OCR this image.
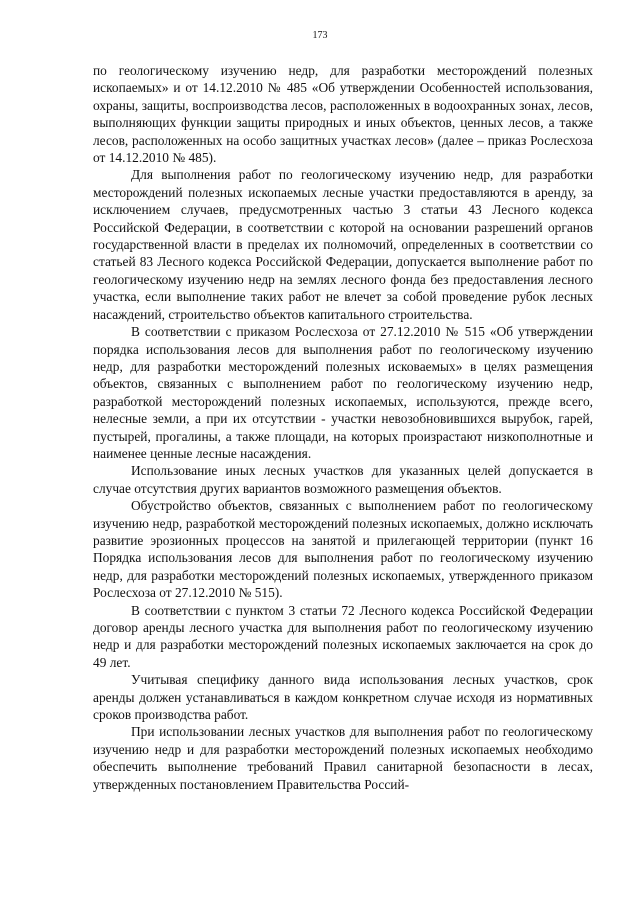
173

по геологическому изучению недр, для разработки месторождений полезных ископаемых» и от 14.12.2010 № 485 «Об утверждении Особенностей использования, охраны, защиты, воспроизводства лесов, расположенных в водоохранных зонах, лесов, выполняющих функции защиты природных и иных объектов, ценных лесов, а также лесов, расположенных на особо защитных участках лесов» (далее – приказ Рослесхоза от 14.12.2010 № 485).

Для выполнения работ по геологическому изучению недр, для разработки месторождений полезных ископаемых лесные участки предоставляются в аренду, за исключением случаев, предусмотренных частью 3 статьи 43 Лесного кодекса Российской Федерации, в соответствии с которой на основании разрешений органов государственной власти в пределах их полномочий, определенных в соответствии со статьей 83 Лесного кодекса Российской Федерации, допускается выполнение работ по геологическому изучению недр на землях лесного фонда без предоставления лесного участка, если выполнение таких работ не влечет за собой проведение рубок лесных насаждений, строительство объектов капитального строительства.

В соответствии с приказом Рослесхоза от 27.12.2010 № 515 «Об утверждении порядка использования лесов для выполнения работ по геологическому изучению недр, для разработки месторождений полезных исковаемых» в целях размещения объектов, связанных с выполнением работ по геологическому изучению недр, разработкой месторождений полезных ископаемых, используются, прежде всего, нелесные земли, а при их отсутствии - участки невозобновившихся вырубок, гарей, пустырей, прогалины, а также площади, на которых произрастают низкополнотные и наименее ценные лесные насаждения.

Использование иных лесных участков для указанных целей допускается в случае отсутствия других вариантов возможного размещения объектов.

Обустройство объектов, связанных с выполнением работ по геологическому изучению недр, разработкой месторождений полезных ископаемых, должно исключать развитие эрозионных процессов на занятой и прилегающей территории (пункт 16 Порядка использования лесов для выполнения работ по геологическому изучению недр, для разработки месторождений полезных ископаемых, утвержденного приказом Рослесхоза от 27.12.2010 № 515).

В соответствии с пунктом 3 статьи 72 Лесного кодекса Российской Федерации договор аренды лесного участка для выполнения работ по геологическому изучению недр и для разработки месторождений полезных ископаемых заключается на срок до 49 лет.

Учитывая специфику данного вида использования лесных участков, срок аренды должен устанавливаться в каждом конкретном случае исходя из нормативных сроков производства работ.

При использовании лесных участков для выполнения работ по геологическому изучению недр и для разработки месторождений полезных ископаемых необходимо обеспечить выполнение требований Правил санитарной безопасности в лесах, утвержденных постановлением Правительства Россий-
